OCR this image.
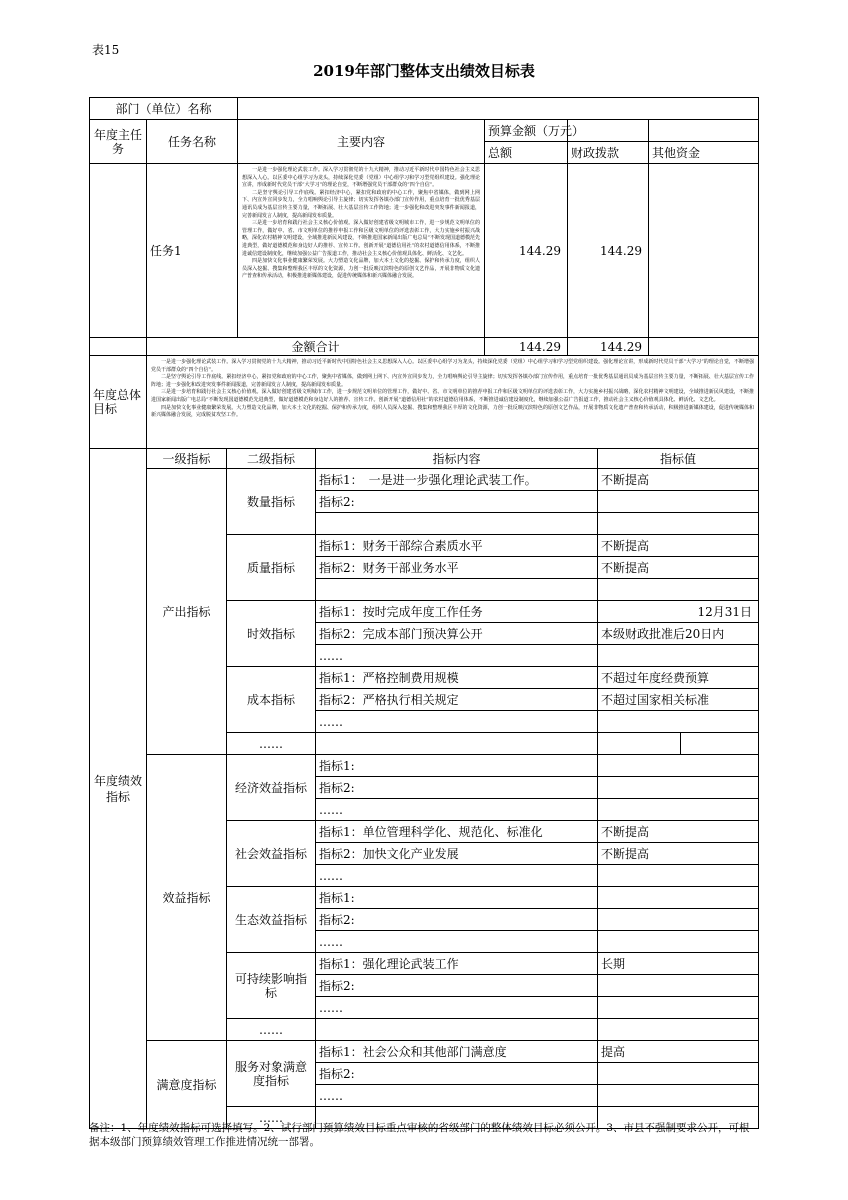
表15
2019年部门整体支出绩效目标表
部门（单位）名称					
年度主任务	任务名称	主要内容	预算金额（万元）		
			总额	财政拨款	其他资金
	任务1	一是进一步强化理论武装工作。深入学习贯彻党的十九大精神，推动习近平新时代中国特色社会主义思想深入人心。以区委中心组学习为龙头，持续深化党委（党组）中心组学习和学习型党组织建设。强化理论宣讲，形成新时代党员干部“大学习”的理论自觉，不断增强党员干部群众的“四个自信”。

二是坚守舆论引导工作底线。紧扣经济中心，紧扣党和政府的中心工作，聚焦中省媒体，做到网上网下、内宣外宣同步发力，全力唱响舆论引导主旋律；切实发挥各镇办部门宣传作用，重点培育一批优秀基层通讯员成为基层宣传主要力量，不断拓展、壮大基层宣传工作阵地；进一步强化和改进突发事件新闻报道，完善新闻发言人制度，提高新闻发布质量。

三是进一步培育和践行社会主义核心价值观。深入做好创建省级文明城市工作，进一步规范文明单位的管理工作，做好中、省、市文明单位的推荐申报工作和区级文明单位的评选表彰工作，大力实施乡村振兴战略，深化农村精神文明建设，全域推进新民风建设，不断推进国家新闻出版广电总局“不断发现国道德模范先进典型，做好道德模范和身边好人的推荐、宣传工作。创新开展“道德信用社”的农村道德信用体系，不断推进诚信建设制度化，继续加强公益广告报道工作，推动社会主义核心价值观具体化、鲜活化、文艺化。

四是加快文化事业健康繁荣发展。大力塑造文化品牌，加大本土文化的挖掘、保护和传承力度，组织人员深入挖掘、搜集和整理我区丰厚的文化资源，力创一批反映汉滨特色的原创文艺作品，开展非物质文化遗产普查和传承活动，积极推进新媒体建设，促进传统媒体和新兴媒体融合发展。	144.29	144.29	
	金额合计		144.29	144.29	
年度总体目标	一是进一步强化理论武装工作。深入学习贯彻党的十九大精神，推动习近平新时代中国特色社会主义思想深入人心。以区委中心组学习为龙头，持续深化党委（党组）中心组学习和学习型党组织建设。强化理论宣讲，形成新时代党员干部“大学习”的理论自觉，不断增强党员干部群众的“四个自信”。

二是坚守舆论引导工作底线。紧扣经济中心，紧扣党和政府的中心工作，聚焦中省媒体，做到网上网下、内宣外宣同步发力，全力唱响舆论引导主旋律；切实发挥各镇办部门宣传作用，重点培育一批优秀基层通讯员成为基层宣传主要力量，不断拓展、壮大基层宣传工作阵地；进一步强化和改进突发事件新闻报道，完善新闻发言人制度，提高新闻发布质量。

三是进一步培育和践行社会主义核心价值观。深入做好创建省级文明城市工作，进一步规范文明单位的管理工作，做好中、省、市文明单位的推荐申报工作和区级文明单位的评选表彰工作，大力实施乡村振兴战略，深化农村精神文明建设，全域推进新民风建设，不断推进国家新闻出版广电总局“不断发现国道德模范先进典型，做好道德模范和身边好人的推荐、宣传工作。创新开展“道德信用社”的农村道德信用体系，不断推进诚信建设制度化，继续加强公益广告报道工作，推动社会主义核心价值观具体化、鲜活化、文艺化。

四是加快文化事业健康繁荣发展。大力塑造文化品牌，加大本土文化的挖掘、保护和传承力度，组织人员深入挖掘、搜集和整理我区丰厚的文化资源，力创一批反映汉滨特色的原创文艺作品，开展非物质文化遗产普查和传承活动，积极推进新媒体建设，促进传统媒体和新兴媒体融合发展，完成脱贫攻坚工作。				

年度绩效指标	一级指标	二级指标	指标内容	指标值	
	产出指标	数量指标	指标1：　一是进一步强化理论武装工作。	不断提高	
			指标2:		

		质量指标	指标1：财务干部综合素质水平	不断提高	
			指标2：财务干部业务水平	不断提高	

		时效指标	指标1：按时完成年度工作任务	12月31日	
			指标2：完成本部门预决算公开	本级财政批准后20日内	
			……		
		成本指标	指标1：严格控制费用规模	不超过年度经费预算	
			指标2：严格执行相关规定	不超过国家相关标准	
			……		
		……			
	效益指标	经济效益指标	指标1:		
			指标2:		
			……		
		社会效益指标	指标1：单位管理科学化、规范化、标准化	不断提高	
			指标2：加快文化产业发展	不断提高	
			……		
		生态效益指标	指标1:		
			指标2:		
			……		
		可持续影响指标	指标1：强化理论武装工作	长期	
			指标2:		
			……		
		……			
	满意度指标	服务对象满意度指标	指标1：社会公众和其他部门满意度	提高	
			指标2:		
			……		
		……			
备注：1、年度绩效指标可选择填写。2、试行部门预算绩效目标重点审核的省级部门的整体绩效目标必须公开。3、市县不强制要求公开，可根据本级部门预算绩效管理工作推进情况统一部署。
